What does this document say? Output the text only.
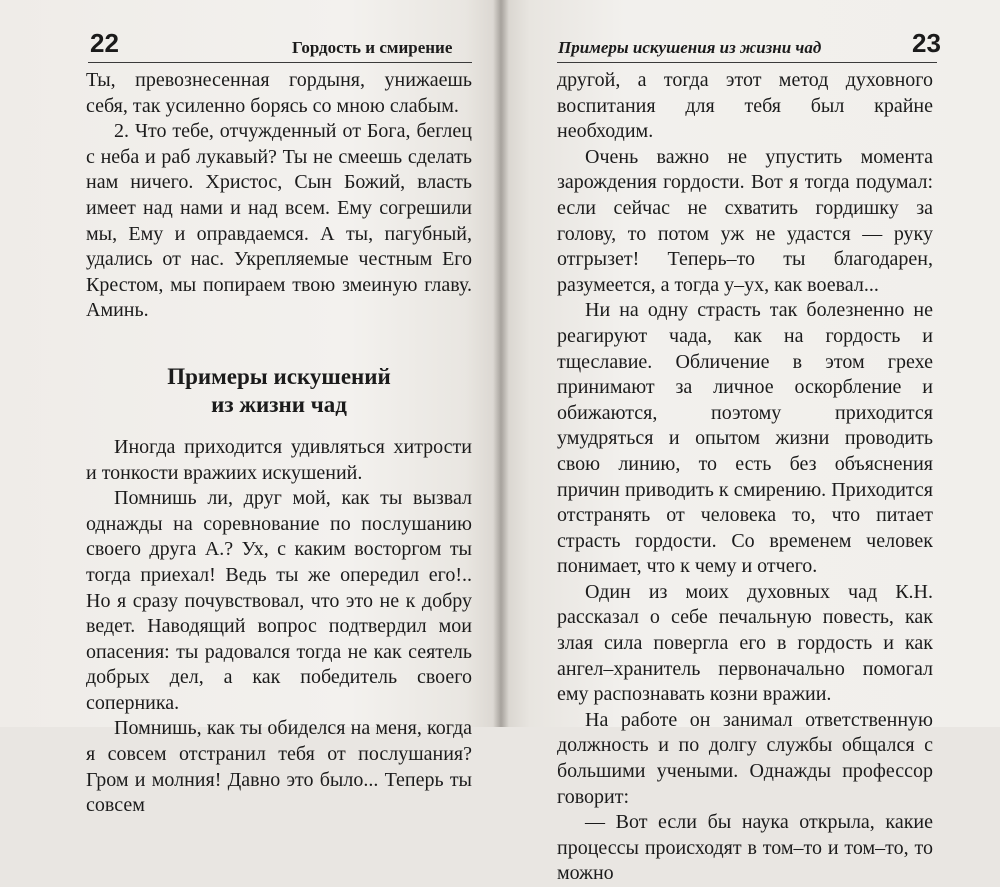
22	Гордость и смирение

Ты, превознесенная гордыня, унижаешь себя, так усиленно борясь со мною слабым.

2. Что тебе, отчужденный от Бога, беглец с неба и раб лукавый? Ты не смеешь сделать нам ничего. Христос, Сын Божий, власть имеет над нами и над всем. Ему согрешили мы, Ему и оправдаемся. А ты, пагубный, удались от нас. Укрепляемые честным Его Крестом, мы попираем твою змеиную главу. Аминь.

Примеры искушений
из жизни чад

Иногда приходится удивляться хитрости и тонкости вражиих искушений.

Помнишь ли, друг мой, как ты вызвал однажды на соревнование по послушанию своего друга А.? Ух, с каким восторгом ты тогда приехал! Ведь ты же опередил его!.. Но я сразу почувствовал, что это не к добру ведет. Наводящий вопрос подтвердил мои опасения: ты радовался тогда не как сеятель добрых дел, а как победитель своего соперника.

Помнишь, как ты обиделся на меня, когда я совсем отстранил тебя от послушания? Гром и молния! Давно это было... Теперь ты совсем

Примеры искушения из жизни чад	23

другой, а тогда этот метод духовного воспитания для тебя был крайне необходим.

Очень важно не упустить момента зарождения гордости. Вот я тогда подумал: если сейчас не схватить гордишку за голову, то потом уж не удастся — руку отгрызет! Теперь–то ты благодарен, разумеется, а тогда у–ух, как воевал...

Ни на одну страсть так болезненно не реагируют чада, как на гордость и тщеславие. Обличение в этом грехе принимают за личное оскорбление и обижаются, поэтому приходится умудряться и опытом жизни проводить свою линию, то есть без объяснения причин приводить к смирению. Приходится отстранять от человека то, что питает страсть гордости. Со временем человек понимает, что к чему и отчего.

Один из моих духовных чад К.Н. рассказал о себе печальную повесть, как злая сила повергла его в гордость и как ангел–хранитель первоначально помогал ему распознавать козни вражии.

На работе он занимал ответственную должность и по долгу службы общался с большими учеными. Однажды профессор говорит:

— Вот если бы наука открыла, какие процессы происходят в том–то и том–то, то можно
